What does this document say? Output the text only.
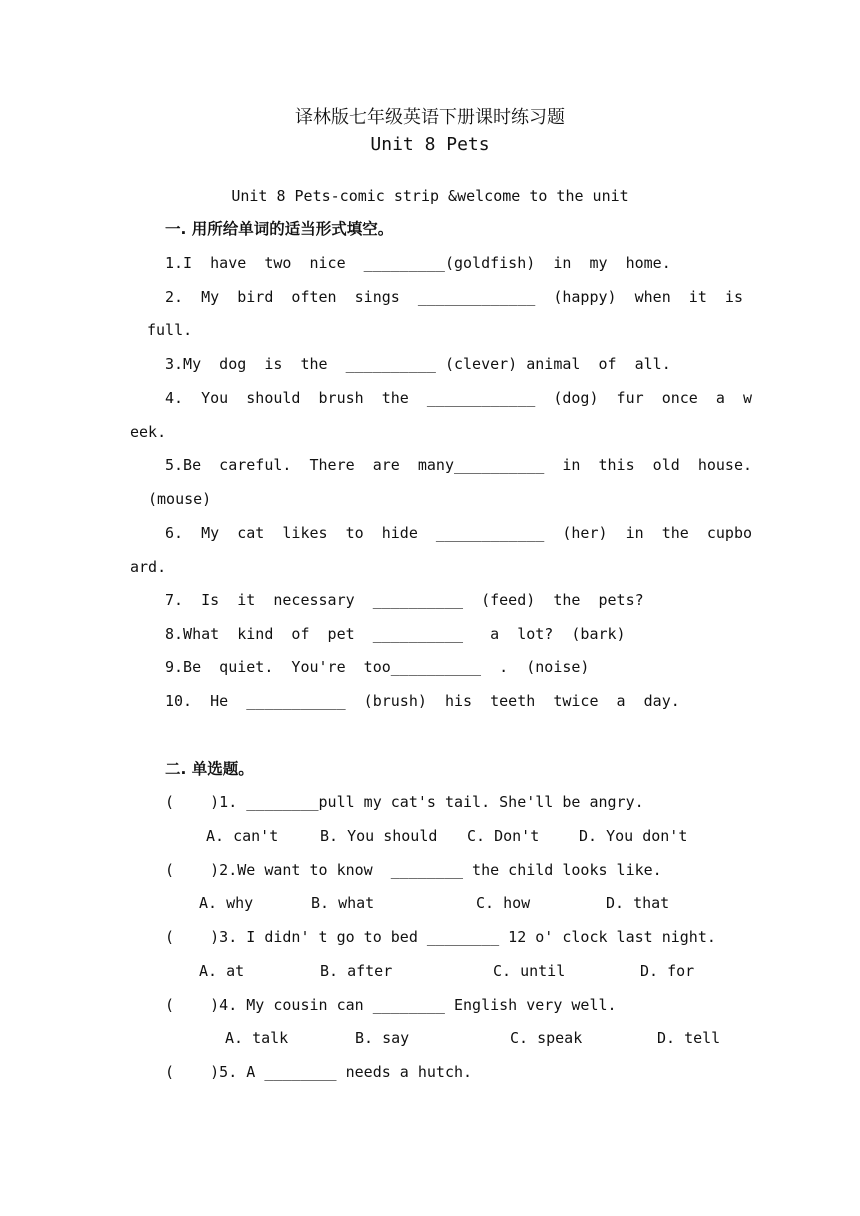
译林版七年级英语下册课时练习题
Unit 8 Pets
Unit 8 Pets-comic strip &welcome to the unit
一. 用所给单词的适当形式填空。
1.I  have  two  nice  _________(goldfish)  in  my  home.
2.  My  bird  often  sings  _____________  (happy)  when  it  is
full.
3.My  dog  is  the  __________ (clever) animal  of  all.
4.  You  should  brush  the  ____________  (dog)  fur  once  a  w
eek.
5.Be  careful.  There  are  many__________  in  this  old  house.
(mouse)
6.  My  cat  likes  to  hide  ____________  (her)  in  the  cupbo
ard.
7.  Is  it  necessary  __________  (feed)  the  pets?
8.What  kind  of  pet  __________   a  lot?  (bark)
9.Be  quiet.  You're  too__________  .  (noise)
10.  He  ___________  (brush)  his  teeth  twice  a  day.
二. 单选题。
(    )1. ________pull my cat's tail. She'll be angry.
A. can't	B. You should C. Don't	D. You don't
(    )2.We want to know  ________ the child looks like.
A. why	B. what	C. how	D. that
(    )3. I didn' t go to bed ________ 12 o' clock last night.
A. at	B. after	C. until	D. for
(    )4. My cousin can ________ English very well.
A. talk	B. say	C. speak	D. tell
(    )5. A ________ needs a hutch.
